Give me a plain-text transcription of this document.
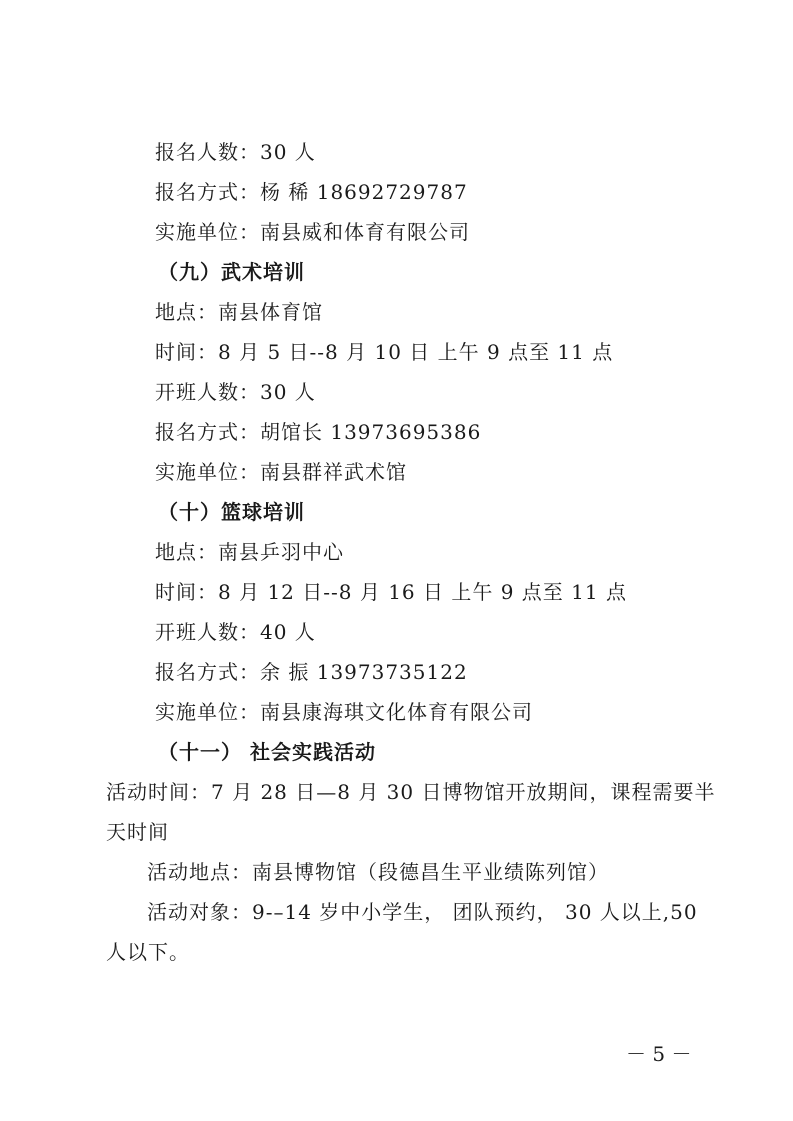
报名人数：30 人
报名方式：杨 稀 18692729787
实施单位：南县威和体育有限公司
（九）武术培训
地点：南县体育馆
时间：8 月 5 日--8 月 10 日 上午 9 点至 11 点
开班人数：30 人
报名方式：胡馆长 13973695386
实施单位：南县群祥武术馆
（十）篮球培训
地点：南县乒羽中心
时间：8 月 12 日--8 月 16 日 上午 9 点至 11 点
开班人数：40 人
报名方式：余 振 13973735122
实施单位：南县康海琪文化体育有限公司
（十一） 社会实践活动
活动时间：7 月 28 日—8 月 30 日博物馆开放期间，课程需要半
天时间
活动地点：南县博物馆（段德昌生平业绩陈列馆）
活动对象：9-–14 岁中小学生， 团队预约， 30 人以上,50
人以下。
－ 5 －
